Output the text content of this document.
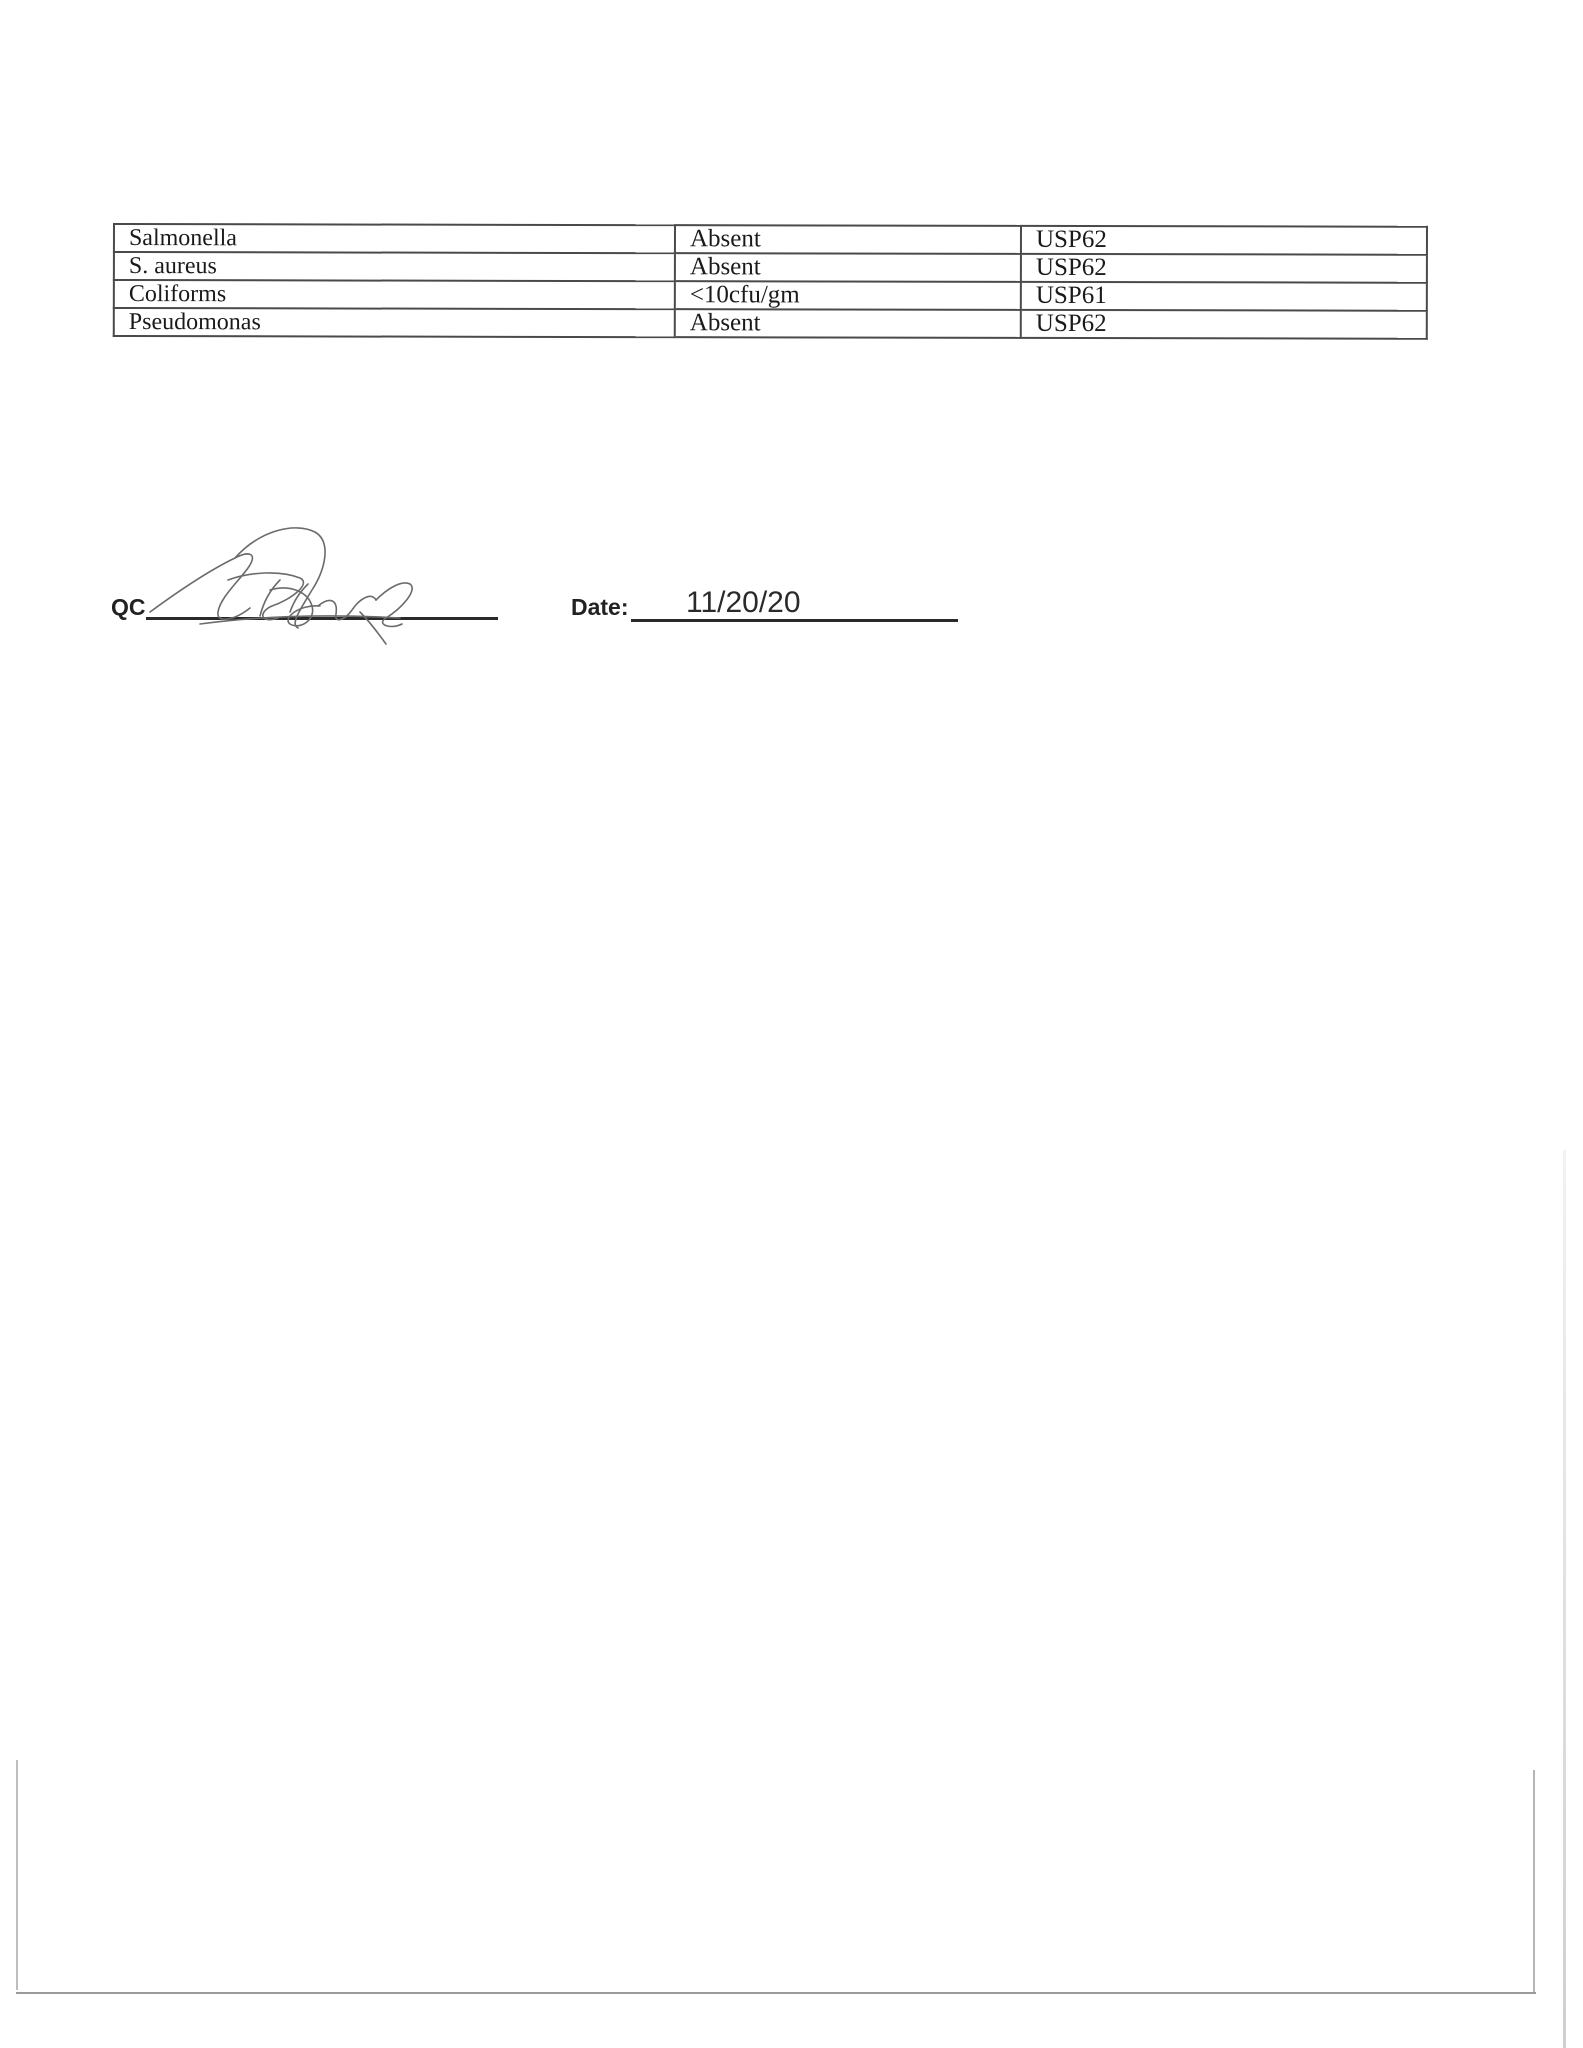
Salmonella	Absent	USP62
S. aureus	Absent	USP62
Coliforms	<10cfu/gm	USP61
Pseudomonas	Absent	USP62
QC	Date: 11/20/20
